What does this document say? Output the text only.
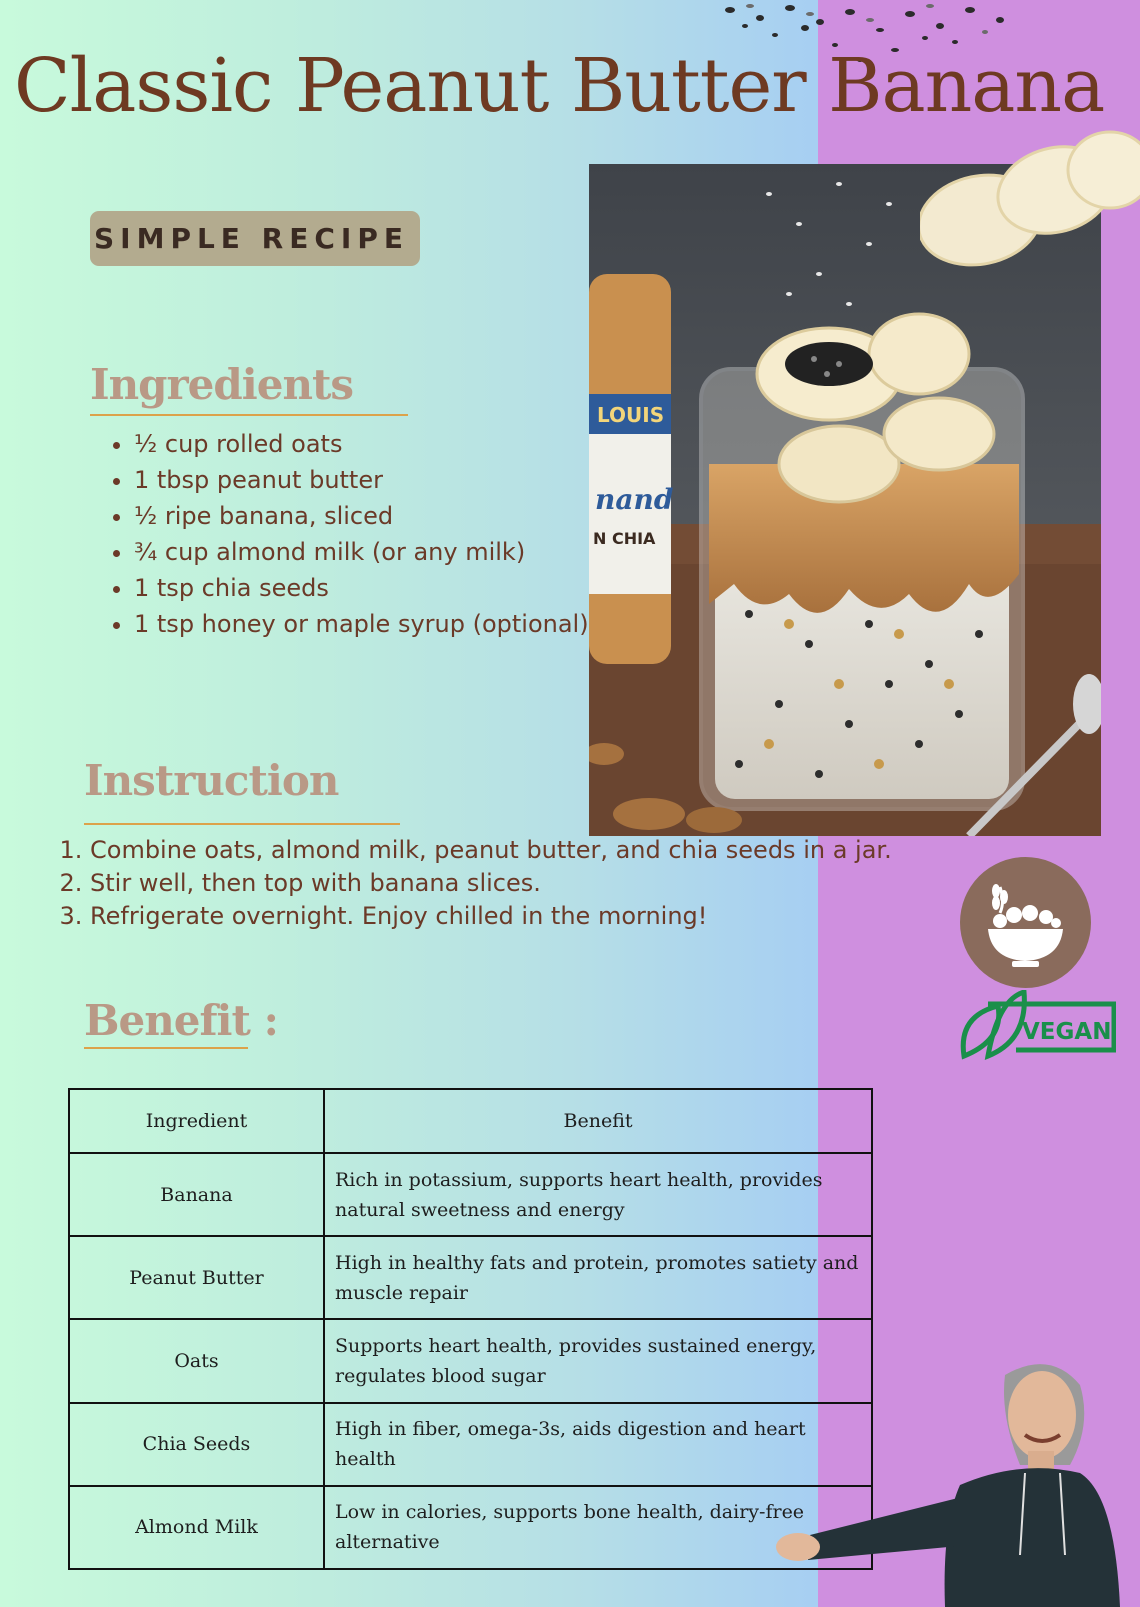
Classic Peanut Butter Banana
SIMPLE RECIPE
Ingredients
• ½ cup rolled oats
• 1 tbsp peanut butter
• ½ ripe banana, sliced
• ¾ cup almond milk (or any milk)
• 1 tsp chia seeds
• 1 tsp honey or maple syrup (optional)
LOUIS
nand
N CHIA
Instruction
1. Combine oats, almond milk, peanut butter, and chia seeds in a jar.
2. Stir well, then top with banana slices.
3. Refrigerate overnight. Enjoy chilled in the morning!
VEGAN
Benefit :
Ingredient	Benefit
Banana	Rich in potassium, supports heart health, provides natural sweetness and energy
Peanut Butter	High in healthy fats and protein, promotes satiety and muscle repair
Oats	Supports heart health, provides sustained energy, regulates blood sugar
Chia Seeds	High in fiber, omega-3s, aids digestion and heart health
Almond Milk	Low in calories, supports bone health, dairy-free alternative
